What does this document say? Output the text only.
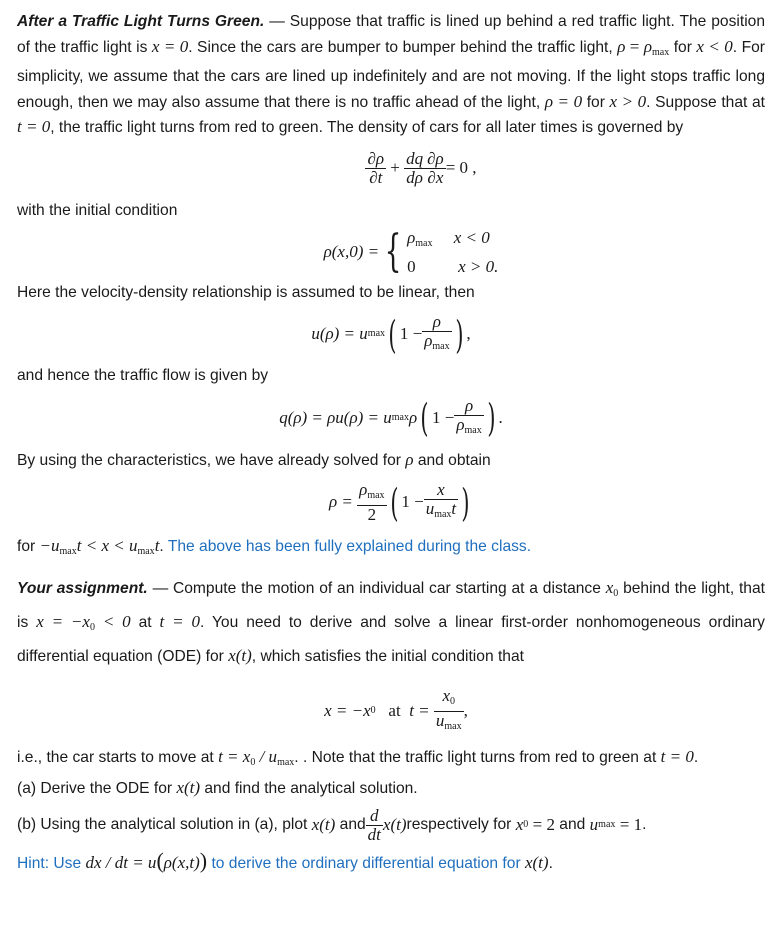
After a Traffic Light Turns Green. — Suppose that traffic is lined up behind a red traffic light. The position of the traffic light is x = 0. Since the cars are bumper to bumper behind the traffic light, $\rho = \rho_{max}$ for x < 0. For simplicity, we assume that the cars are lined up indefinitely and are not moving. If the light stops traffic long enough, then we may also assume that there is no traffic ahead of the light, ρ = 0 for x > 0. Suppose that at t = 0, the traffic light turns from red to green. The density of cars for all later times is governed by

$\frac{\partial\rho}{\partial t} + \frac{dq}{d\rho} \frac{\partial\rho}{\partial x} = 0$ ,

with the initial condition

ρ(x,0) = { $\rho_{max}$ x < 0
0	x > 0.

Here the velocity-density relationship is assumed to be linear, then

u(ρ) = u max ( $1 - \frac{\rho}{\rho_{max}}$ ) ,

and hence the traffic flow is given by

q(ρ) = ρu(ρ) = u max ρ ( $1 - \frac{\rho}{\rho_{max}}$ ) .

By using the characteristics, we have already solved for ρ and obtain

ρ =
$\frac{\rho_{max}}{2}$ ( $1 - \frac{x}{u_{max}t}$ )

for $-u_{max}t < x < u_{max}t$. The above has been fully explained during the class.

Your assignment. — Compute the motion of an individual car starting at a distance $x_0$ behind the light, that is $x = -x_0 < 0$ at t = 0. You need to derive and solve a linear first-order nonhomogeneous ordinary differential equation (ODE) for x(t), which satisfies the initial condition that

x = −x 0
at
t =
$\frac{x_0}{u_{max}}$ ,

i.e., the car starts to move at $t = x_0 / u_{max}$. . Note that the traffic light turns from red to green at t = 0.

(a) Derive the ODE for x(t) and find the analytical solution.

(b) Using the analytical solution in (a), plot
x(t)
and $\frac{d}{dt} x(t)$ respectively for
x 0
= 2
and
u max
= 1 .

Hint: Use dx / dt = u(ρ(x,t)) to derive the ordinary differential equation for x(t).
